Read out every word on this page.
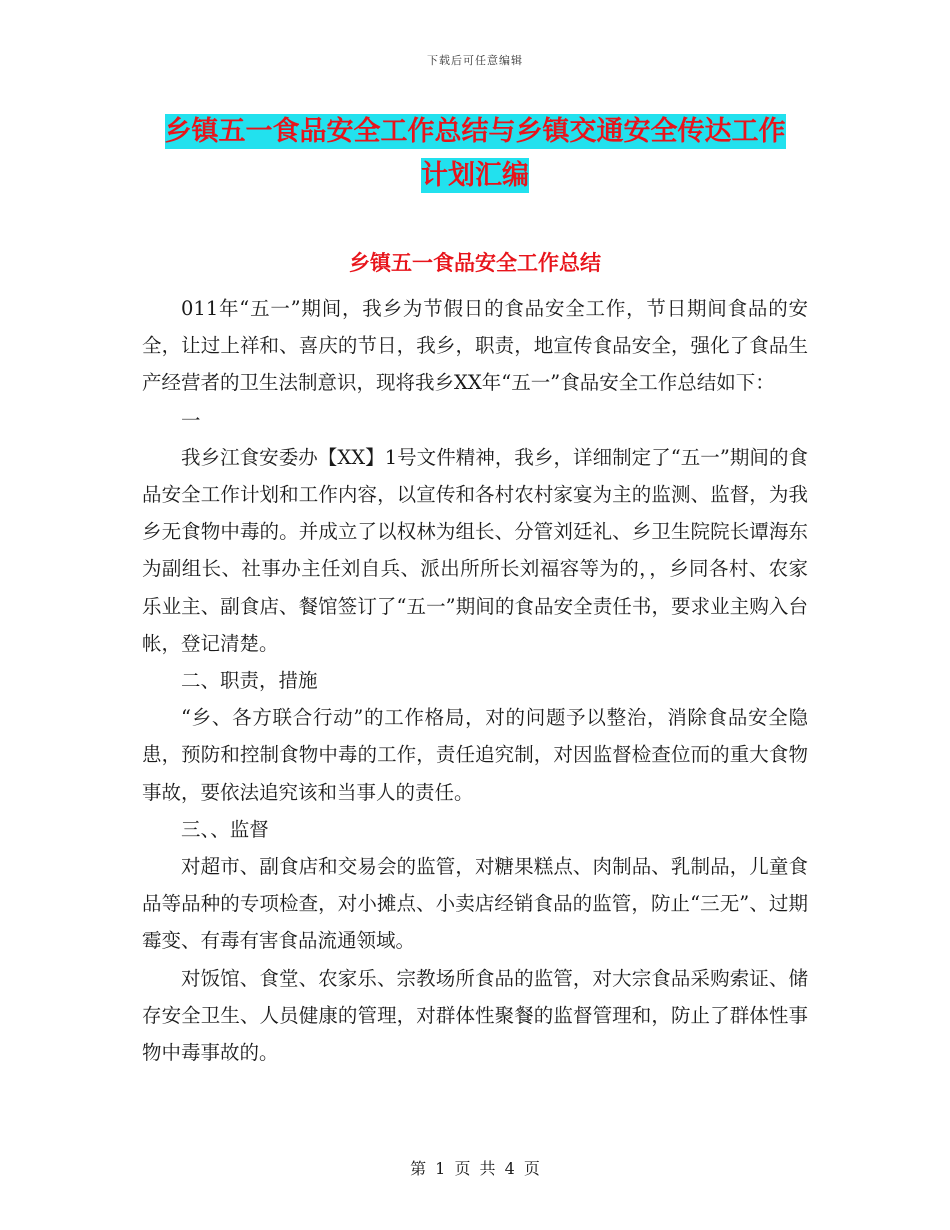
下载后可任意编辑
乡镇五一食品安全工作总结与乡镇交通安全传达工作
计划汇编
乡镇五一食品安全工作总结

011年“五一”期间，我乡为节假日的食品安全工作，节日期间食品的安全，让过上祥和、喜庆的节日，我乡，职责，地宣传食品安全，强化了食品生产经营者的卫生法制意识，现将我乡XX年“五一”食品安全工作总结如下：

一

我乡江食安委办【XX】1号文件精神，我乡，详细制定了“五一”期间的食品安全工作计划和工作内容，以宣传和各村农村家宴为主的监测、监督，为我乡无食物中毒的。并成立了以权林为组长、分管刘廷礼、乡卫生院院长谭海东为副组长、社事办主任刘自兵、派出所所长刘福容等为的，，乡同各村、农家乐业主、副食店、餐馆签订了“五一”期间的食品安全责任书，要求业主购入台帐，登记清楚。

二、职责，措施

“乡、各方联合行动”的工作格局，对的问题予以整治，消除食品安全隐患，预防和控制食物中毒的工作，责任追究制，对因监督检查位而的重大食物事故，要依法追究该和当事人的责任。

三、、监督

对超市、副食店和交易会的监管，对糖果糕点、肉制品、乳制品，儿童食品等品种的专项检查，对小摊点、小卖店经销食品的监管，防止“三无”、过期霉变、有毒有害食品流通领域。

对饭馆、食堂、农家乐、宗教场所食品的监管，对大宗食品采购索证、储存安全卫生、人员健康的管理，对群体性聚餐的监督管理和，防止了群体性事物中毒事故的。

第 1 页 共 4 页
